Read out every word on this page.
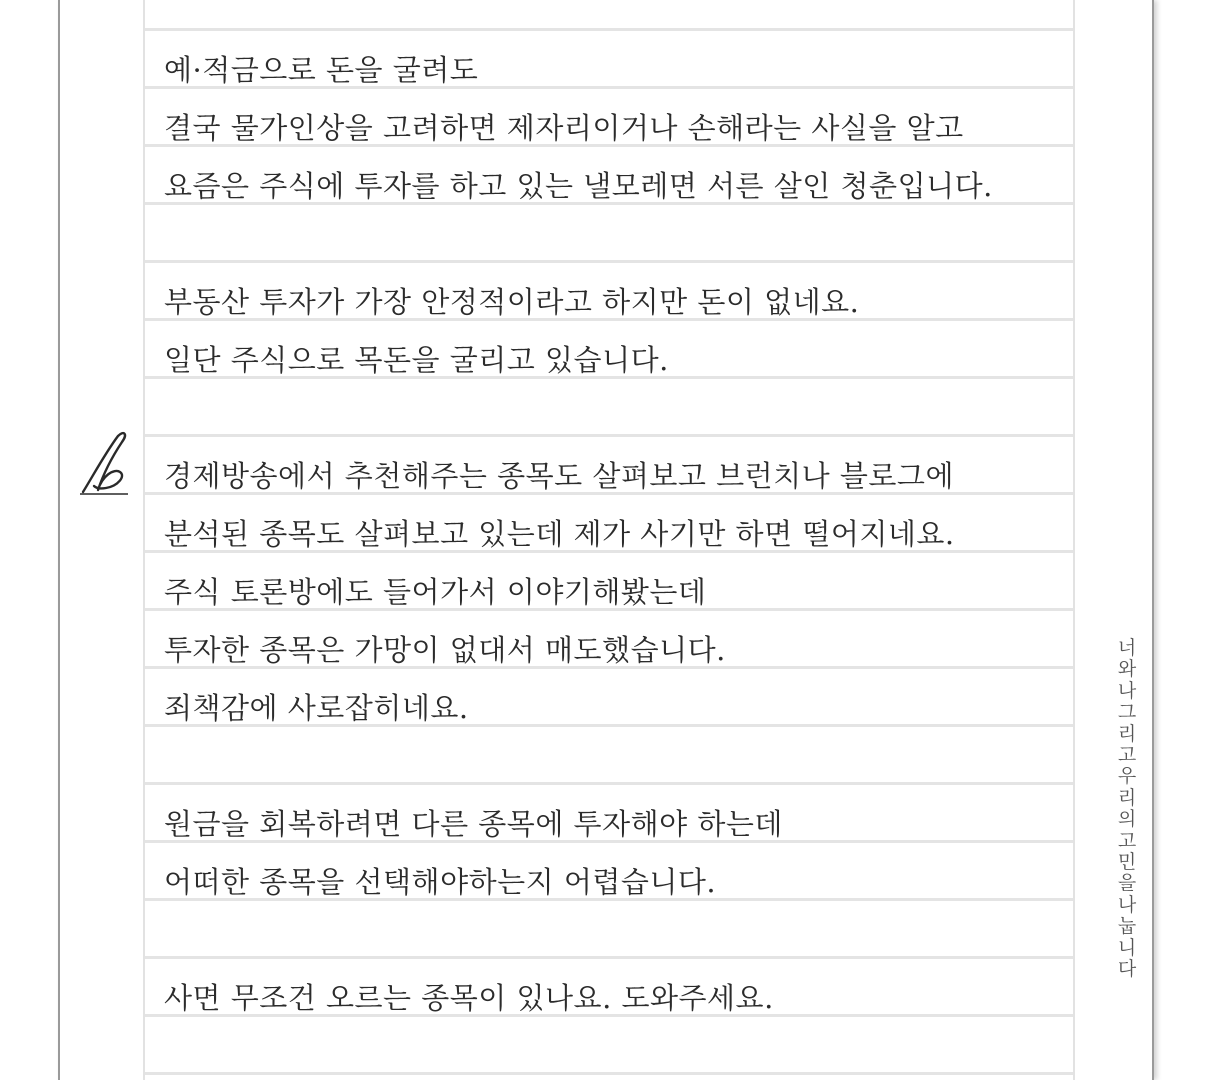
예·적금으로 돈을 굴려도
결국 물가인상을 고려하면 제자리이거나 손해라는 사실을 알고
요즘은 주식에 투자를 하고 있는 낼모레면 서른 살인 청춘입니다.
부동산 투자가 가장 안정적이라고 하지만 돈이 없네요.
일단 주식으로 목돈을 굴리고 있습니다.
경제방송에서 추천해주는 종목도 살펴보고 브런치나 블로그에
분석된 종목도 살펴보고 있는데 제가 사기만 하면 떨어지네요.
주식 토론방에도 들어가서 이야기해봤는데
투자한 종목은 가망이 없대서 매도했습니다.
죄책감에 사로잡히네요.
원금을 회복하려면 다른 종목에 투자해야 하는데
어떠한 종목을 선택해야하는지 어렵습니다.
사면 무조건 오르는 종목이 있나요. 도와주세요.
너와 나 그리고 우리의 고민을 나눕니다
